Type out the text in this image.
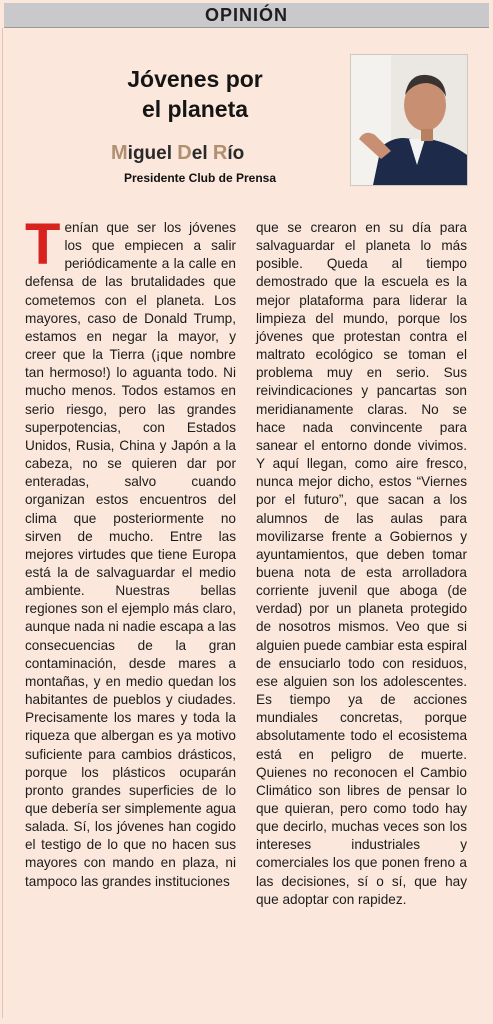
OPINIÓN
Jóvenes por
el planeta
Miguel Del Río
Presidente Club de Prensa

Tenían que ser los jóvenes los que empiecen a salir periódicamente a la calle en defensa de las brutalidades que cometemos con el planeta. Los mayores, caso de Donald Trump, estamos en negar la mayor, y creer que la Tierra (¡que nombre tan hermoso!) lo aguanta todo. Ni mucho menos. Todos estamos en serio riesgo, pero las grandes superpotencias, con Estados Unidos, Rusia, China y Japón a la cabeza, no se quieren dar por enteradas, salvo cuando organizan estos encuentros del clima que posteriormente no sirven de mucho. Entre las mejores virtudes que tiene Europa está la de salvaguardar el medio ambiente. Nuestras bellas regiones son el ejemplo más claro, aunque nada ni nadie escapa a las consecuencias de la gran contaminación, desde mares a montañas, y en medio quedan los habitantes de pueblos y ciudades. Precisamente los mares y toda la riqueza que albergan es ya motivo suficiente para cambios drásticos, porque los plásticos ocuparán pronto grandes superficies de lo que debería ser simplemente agua salada. Sí, los jóvenes han cogido el testigo de lo que no hacen sus mayores con mando en plaza, ni tampoco las grandes instituciones

que se crearon en su día para salvaguardar el planeta lo más posible. Queda al tiempo demostrado que la escuela es la mejor plataforma para liderar la limpieza del mundo, porque los jóvenes que protestan contra el maltrato ecológico se toman el problema muy en serio. Sus reivindicaciones y pancartas son meridianamente claras. No se hace nada convincente para sanear el entorno donde vivimos. Y aquí llegan, como aire fresco, nunca mejor dicho, estos “Viernes por el futuro”, que sacan a los alumnos de las aulas para movilizarse frente a Gobiernos y ayuntamientos, que deben tomar buena nota de esta arrolladora corriente juvenil que aboga (de verdad) por un planeta protegido de nosotros mismos. Veo que si alguien puede cambiar esta espiral de ensuciarlo todo con residuos, ese alguien son los adolescentes. Es tiempo ya de acciones mundiales concretas, porque absolutamente todo el ecosistema está en peligro de muerte. Quienes no reconocen el Cambio Climático son libres de pensar lo que quieran, pero como todo hay que decirlo, muchas veces son los intereses industriales y comerciales los que ponen freno a las decisiones, sí o sí, que hay que adoptar con rapidez.
